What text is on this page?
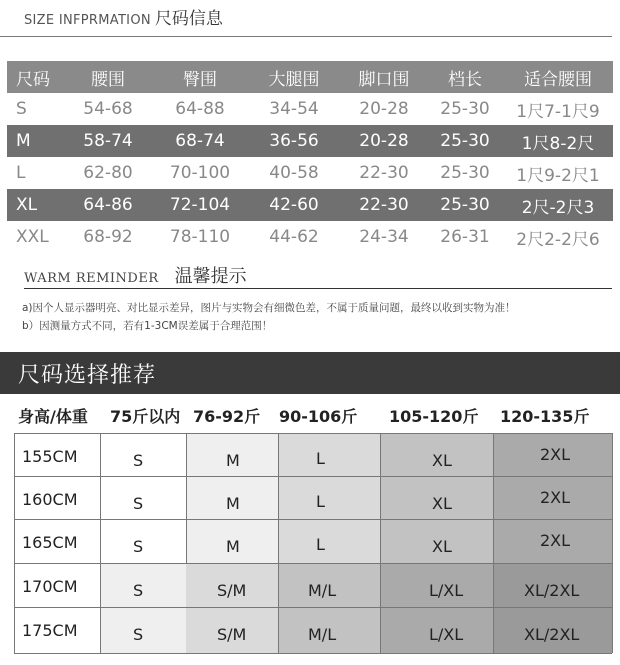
SIZE INFPRMATION 尺码信息
尺码	腰围	臀围	大腿围	脚口围	档长	适合腰围
S	54-68	64-88	34-54	20-28	25-30	1尺7-1尺9
M	58-74	68-74	36-56	20-28	25-30	1尺8-2尺
L	62-80	70-100	40-58	22-30	25-30	1尺9-2尺1
XL	64-86	72-104	42-60	22-30	25-30	2尺-2尺3
XXL	68-92	78-110	44-62	24-34	26-31	2尺2-2尺6
WARM REMINDER 温馨提示
a)因个人显示器明亮、对比显示差异，图片与实物会有细微色差，不属于质量问题，最终以收到实物为准！
b）因测量方式不同，若有1-3CM误差属于合理范围！
尺码选择推荐
身高/体重 75斤以内 76-92斤 90-106斤 105-120斤 120-135斤
155CM	S	M	L	XL	2XL
160CM	S	M	L	XL	2XL
165CM	S	M	L	XL	2XL
170CM	S	S/M	M/L	L/XL	XL/2XL
175CM	S	S/M	M/L	L/XL	XL/2XL
